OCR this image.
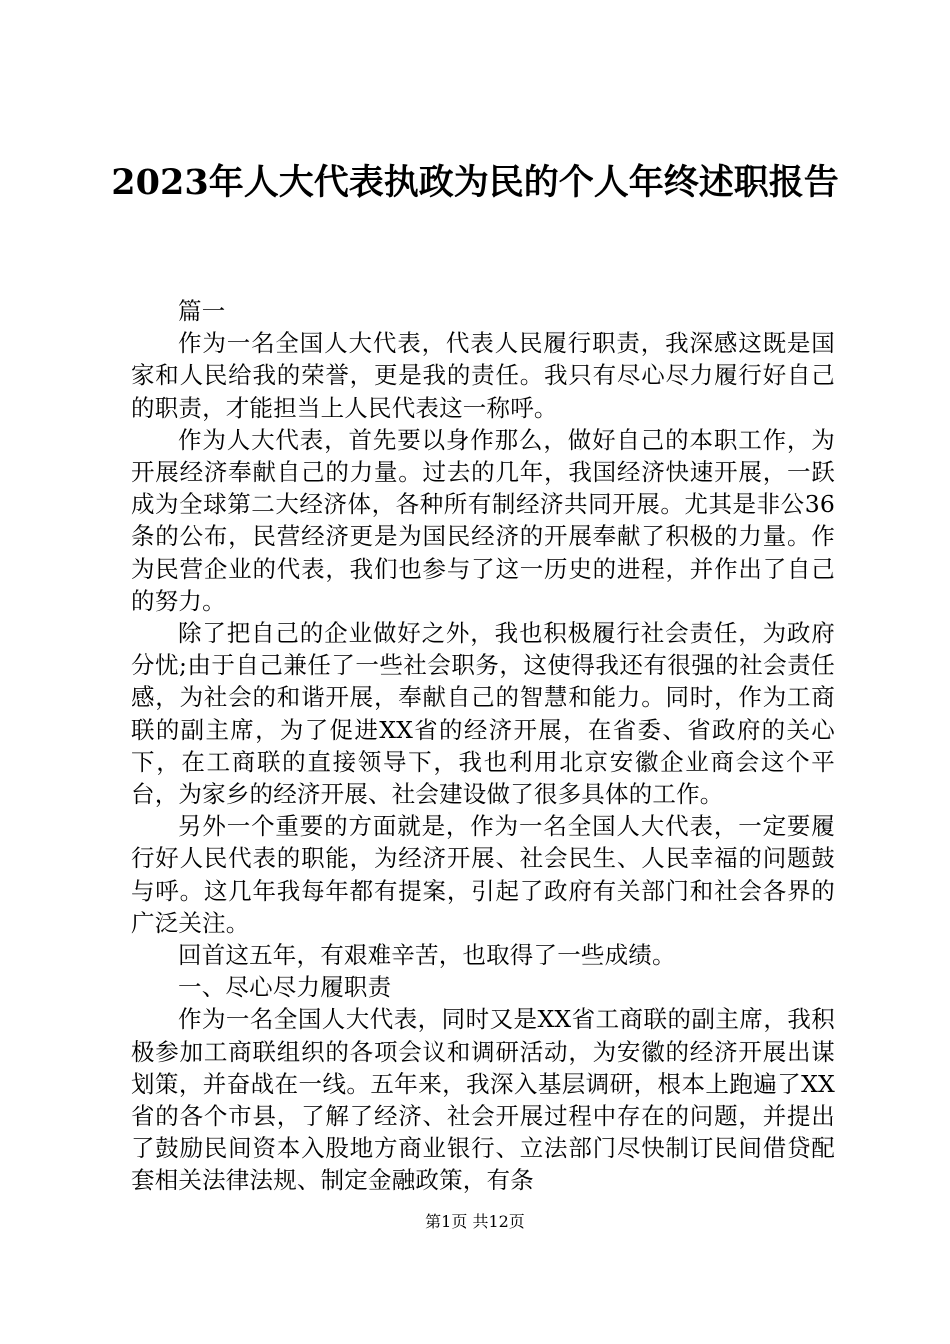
2023年人大代表执政为民的个人年终述职报告

篇一

作为一名全国人大代表，代表人民履行职责，我深感这既是国家和人民给我的荣誉，更是我的责任。我只有尽心尽力履行好自己的职责，才能担当上人民代表这一称呼。

作为人大代表，首先要以身作那么，做好自己的本职工作，为开展经济奉献自己的力量。过去的几年，我国经济快速开展，一跃成为全球第二大经济体，各种所有制经济共同开展。尤其是非公36条的公布，民营经济更是为国民经济的开展奉献了积极的力量。作为民营企业的代表，我们也参与了这一历史的进程，并作出了自己的努力。

除了把自己的企业做好之外，我也积极履行社会责任，为政府分忧;由于自己兼任了一些社会职务，这使得我还有很强的社会责任感，为社会的和谐开展，奉献自己的智慧和能力。同时，作为工商联的副主席，为了促进XX省的经济开展，在省委、省政府的关心下，在工商联的直接领导下，我也利用北京安徽企业商会这个平台，为家乡的经济开展、社会建设做了很多具体的工作。

另外一个重要的方面就是，作为一名全国人大代表，一定要履行好人民代表的职能，为经济开展、社会民生、人民幸福的问题鼓与呼。这几年我每年都有提案，引起了政府有关部门和社会各界的广泛关注。

回首这五年，有艰难辛苦，也取得了一些成绩。

一、尽心尽力履职责

作为一名全国人大代表，同时又是XX省工商联的副主席，我积极参加工商联组织的各项会议和调研活动，为安徽的经济开展出谋划策，并奋战在一线。五年来，我深入基层调研，根本上跑遍了XX省的各个市县，了解了经济、社会开展过程中存在的问题，并提出了鼓励民间资本入股地方商业银行、立法部门尽快制订民间借贷配套相关法律法规、制定金融政策，有条

第1页 共12页
